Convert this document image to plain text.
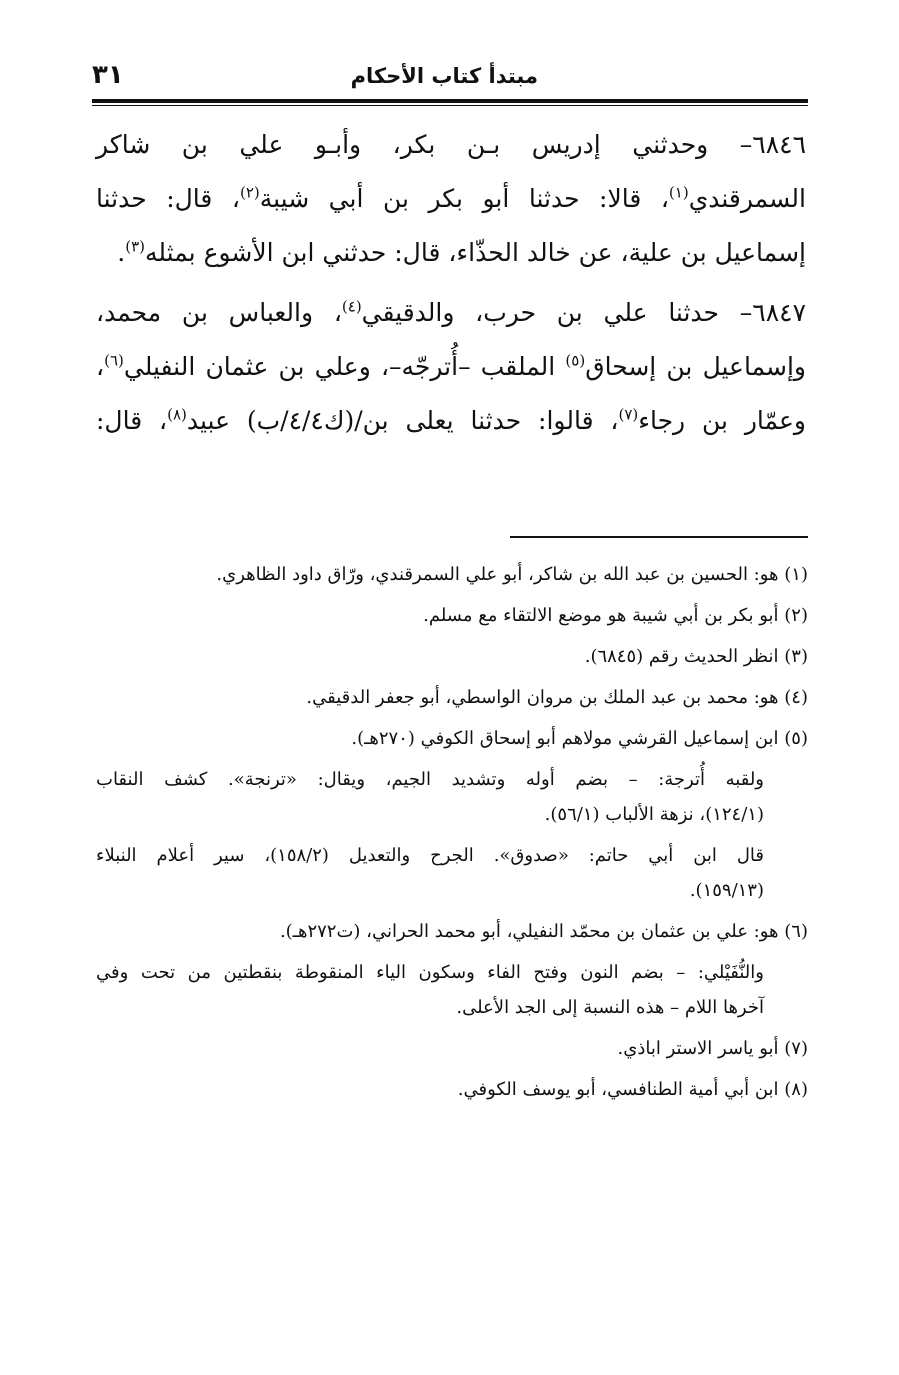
مبتدأ كتاب الأحكام
٣١

٦٨٤٦– وحدثني إدريس بـن بكر، وأبـو علي بن شاكر
السمرقندي$^{(١)}$، قالا: حدثنا أبو بكر بن أبي شيبة$^{(٢)}$، قال: حدثنا
إسماعيل بن علية، عن خالد الحذّاء، قال: حدثني ابن الأشوع بمثله$^{(٣)}$.

٦٨٤٧– حدثنا علي بن حرب، والدقيقي$^{(٤)}$، والعباس بن محمد،
وإسماعيل بن إسحاق$^{(٥)}$ الملقب –أُترجّه–، وعلي بن عثمان النفيلي$^{(٦)}$،
وعمّار بن رجاء$^{(٧)}$، قالوا: حدثنا يعلى بن/(ك٤/٤/ب) عبيد$^{(٨)}$، قال:

(١) هو: الحسين بن عبد الله بن شاكر، أبو علي السمرقندي، ورّاق داود الظاهري.

(٢) أبو بكر بن أبي شيبة هو موضع الالتقاء مع مسلم.

(٣) انظر الحديث رقم (٦٨٤٥).

(٤) هو: محمد بن عبد الملك بن مروان الواسطي، أبو جعفر الدقيقي.

(٥) ابن إسماعيل القرشي مولاهم أبو إسحاق الكوفي (٢٧٠هـ).

ولقبه أُترجة: – بضم أوله وتشديد الجيم، ويقال: «ترنجة». كشف النقاب
(١٢٤/١)، نزهة الألباب (٥٦/١).

قال ابن أبي حاتم: «صدوق». الجرح والتعديل (١٥٨/٢)، سير أعلام النبلاء
(١٥٩/١٣).

(٦) هو: علي بن عثمان بن محمّد النفيلي، أبو محمد الحراني، (ت٢٧٢هـ).

والنُّفَيْلي: – بضم النون وفتح الفاء وسكون الياء المنقوطة بنقطتين من تحت وفي
آخرها اللام – هذه النسبة إلى الجد الأعلى.

(٧) أبو ياسر الاستر اباذي.

(٨) ابن أبي أمية الطنافسي، أبو يوسف الكوفي.
